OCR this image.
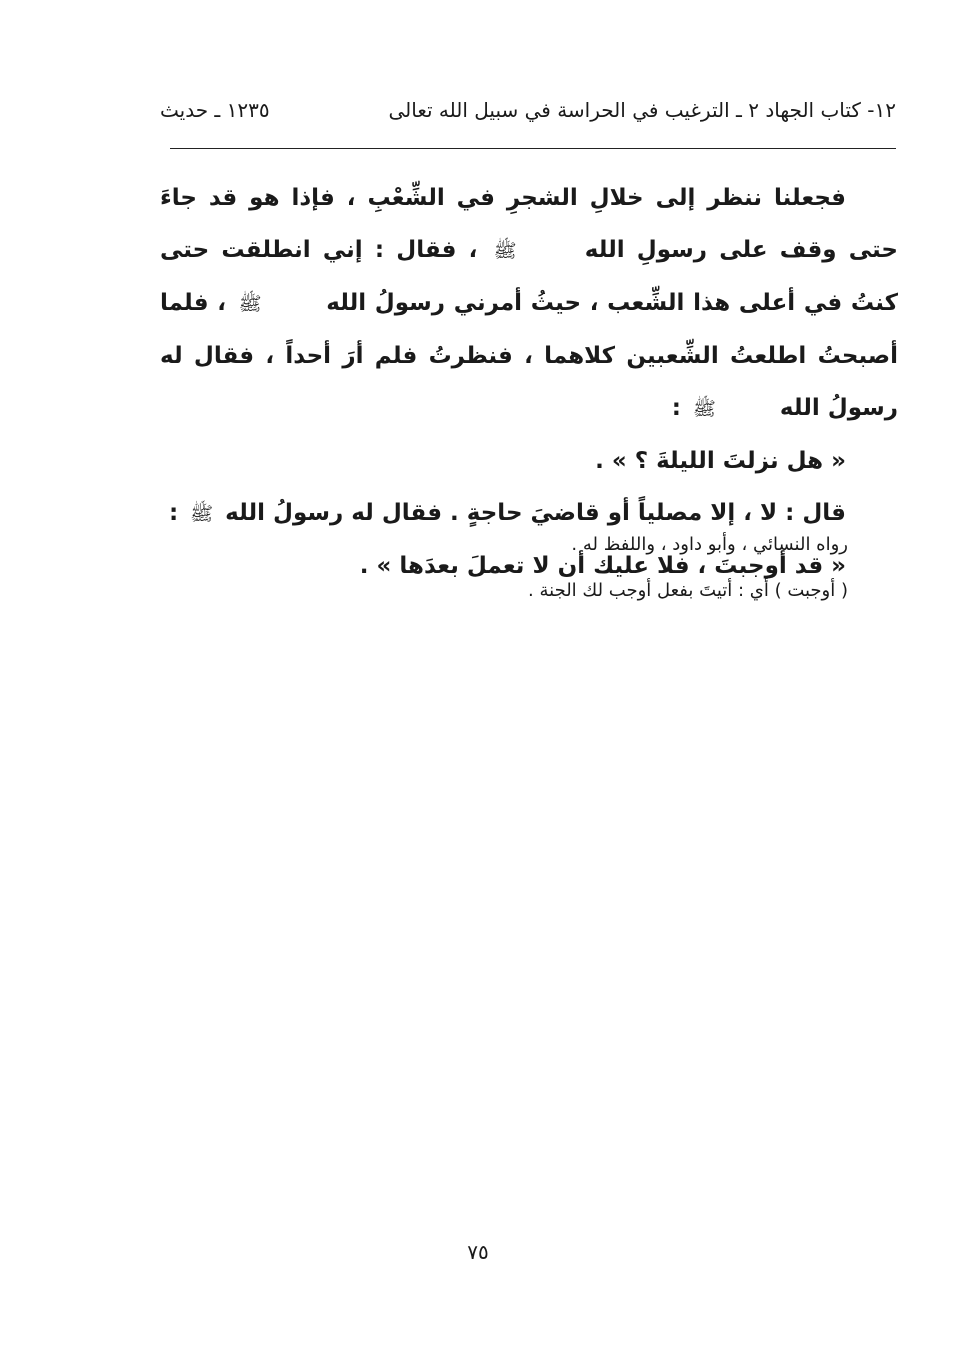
١٢- كتاب الجهاد ٢ ـ الترغيب في الحراسة في سبيل الله تعالى
١٢٣٥ ـ حديث

فجعلنا ننظر إلى خلالِ الشجرِ في الشِّعْبِ ، فإذا هو قد جاءَ حتى وقف على رسولِ الله ﷺ ، فقال : إني انطلقت حتى كنتُ في أعلى هذا الشِّعب ، حيثُ أمرني رسولُ الله ﷺ ، فلما أصبحتُ اطلعتُ الشِّعبين كلاهما ، فنظرتُ فلم أرَ أحداً ، فقال له رسولُ الله ﷺ :

« هل نزلتَ الليلةَ ؟ » .

قال : لا ، إلا مصلياً أو قاضيَ حاجةٍ . فقال له رسولُ الله ﷺ :

« قد أوجبتَ ، فلا عليك أن لا تعملَ بعدَها » .

رواه النسائي ، وأبو داود ، واللفظ له .
( أوجبت ) أي : أتيتَ بفعل أوجب لك الجنة .
٧٥
